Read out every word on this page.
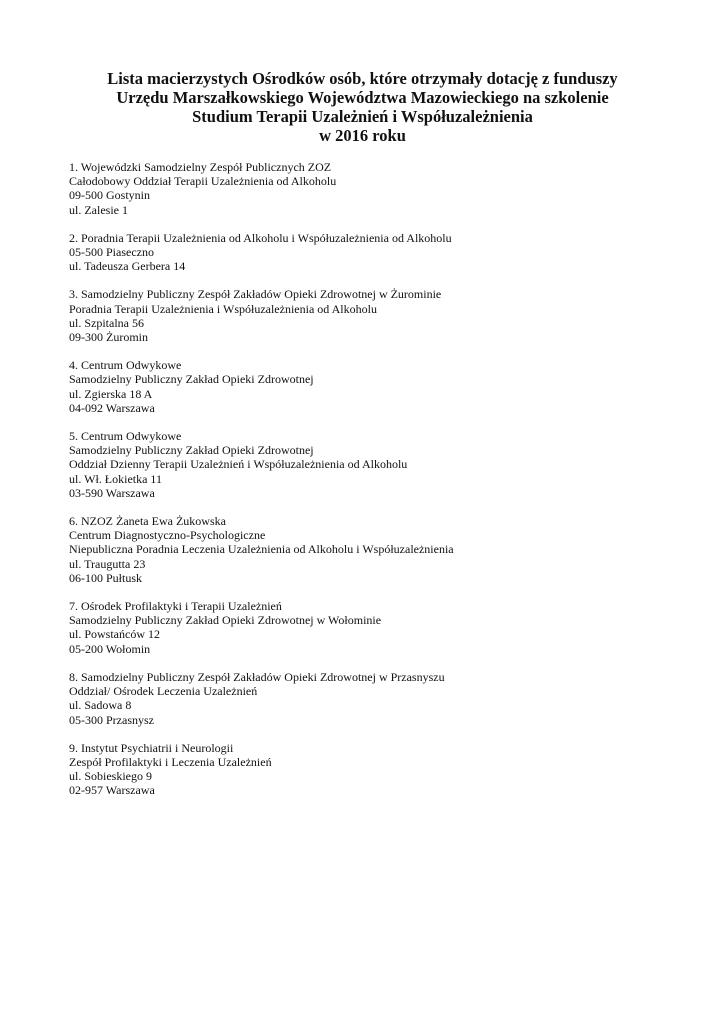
Lista macierzystych Ośrodków osób, które otrzymały dotację z funduszy
Urzędu Marszałkowskiego Województwa Mazowieckiego na szkolenie
Studium Terapii Uzależnień i Współuzależnienia
w 2016 roku
1. Wojewódzki Samodzielny Zespół Publicznych ZOZ
Całodobowy Oddział Terapii Uzależnienia od Alkoholu
09-500 Gostynin
ul. Zalesie 1
2. Poradnia Terapii Uzależnienia od Alkoholu i Współuzależnienia od Alkoholu
05-500 Piaseczno
ul. Tadeusza Gerbera 14
3. Samodzielny Publiczny Zespół Zakładów Opieki Zdrowotnej w Żurominie
Poradnia Terapii Uzależnienia i Współuzależnienia od Alkoholu
ul. Szpitalna 56
09-300 Żuromin
4. Centrum Odwykowe
Samodzielny Publiczny Zakład Opieki Zdrowotnej
ul. Zgierska 18 A
04-092 Warszawa
5. Centrum Odwykowe
Samodzielny Publiczny Zakład Opieki Zdrowotnej
Oddział Dzienny Terapii Uzależnień i Współuzależnienia od Alkoholu
ul. Wł. Łokietka 11
03-590 Warszawa
6. NZOZ Żaneta Ewa Żukowska
Centrum Diagnostyczno-Psychologiczne
Niepubliczna Poradnia Leczenia Uzależnienia od Alkoholu i Współuzależnienia
ul. Traugutta 23
06-100 Pułtusk
7. Ośrodek Profilaktyki i Terapii Uzależnień
Samodzielny Publiczny Zakład Opieki Zdrowotnej w Wołominie
ul. Powstańców 12
05-200 Wołomin
8. Samodzielny Publiczny Zespół Zakładów Opieki Zdrowotnej w Przasnyszu
Oddział/ Ośrodek Leczenia Uzależnień
ul. Sadowa 8
05-300 Przasnysz
9. Instytut Psychiatrii i Neurologii
Zespół Profilaktyki i Leczenia Uzależnień
ul. Sobieskiego 9
02-957 Warszawa
